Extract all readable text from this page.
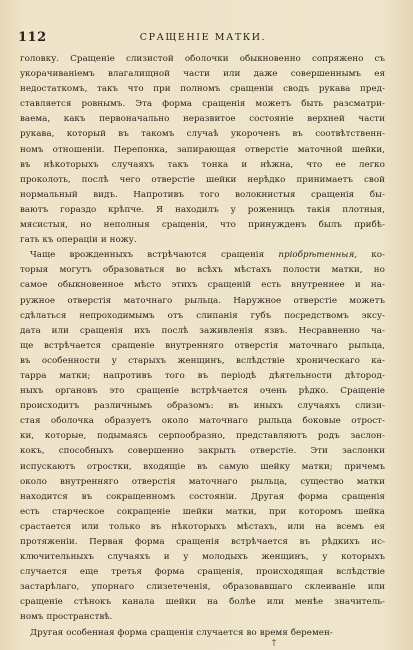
112	СРАЩЕНІЕ МАТКИ.
головку. Сращеніе слизистой оболочки обыкновенно сопряжено съ
укорачиваніемъ влагалищной части или даже совершеннымъ ея
недостаткомъ, такъ что при полномъ сращеніи сводъ рукава пред-
ставляется ровнымъ. Эта форма сращенія можетъ быть разсматри-
ваема, какъ первоначально неразвитое состояніе верхней части
рукава, который въ такомъ случаѣ укороченъ въ соотвѣтственн-
номъ отношеніи. Перепонка, запирающая отверстіе маточной шейки,
въ нѣкоторыхъ случаяхъ такъ тонка и нѣжна, что ее легко
проколоть, послѣ чего отверстіе шейки нерѣдко принимаетъ свой
нормальный видъ. Напротивъ того волокнистыя сращенія бы-
ваютъ гораздо крѣпче. Я находилъ у роженицъ такія плотныя,
мясистыя, но неполныя сращенія, что принужденъ былъ прибѣ-
гать къ операціи и ножу.
Чаще врожденныхъ встрѣчаются сращенія пріобрѣтенныя, ко-
торыя могутъ образоваться во всѣхъ мѣстахъ полости матки, но
самое обыкновенное мѣсто этихъ сращеній есть внутреннее и на-
ружное отверстія маточнаго рыльца. Наружное отверстіе можетъ
сдѣлаться непроходимымъ отъ слипанія губъ посредствомъ эксу-
дата или сращенія ихъ послѣ заживленія язвъ. Несравненно ча-
ще встрѣчается сращеніе внутренняго отверстія маточнаго рыльца,
въ особенности у старыхъ женщинъ, вслѣдствіе хроническаго ка-
тарра матки; напротивъ того въ періодѣ дѣятельности дѣтород-
ныхъ органовъ это сращеніе встрѣчается очень рѣдко. Сращеніе
происходитъ различнымъ образомъ: въ иныхъ случаяхъ слизи-
стая оболочка образуетъ около маточнаго рыльца боковые отрост-
ки, которые, подымаясь серпообразно, представляютъ родъ заслон-
кокъ, способныхъ совершенно закрыть отверстіе. Эти заслонки
испускаютъ отростки, входящіе въ самую шейку матки; причемъ
около внутренняго отверстія маточнаго рыльца, существо матки
находится въ сокращенномъ состояніи. Другая форма сращенія
есть старческое сокращеніе шейки матки, при которомъ шейка
срастается или только въ нѣкоторыхъ мѣстахъ, или на всемъ ея
протяженіи. Первая форма сращенія встрѣчается въ рѣдкихъ ис-
ключительныхъ случаяхъ и у молодыхъ женщинъ, у которыхъ
случается еще третья форма сращенія, происходящая вслѣдствіе
застарѣлаго, упорнаго слизетеченія, образовавшаго склеиваніе или
сращеніе стѣнокъ канала шейки на болѣе или менѣе значитель-
номъ пространствѣ.
Другая особенная форма сращенія случается во время беремен-
†
